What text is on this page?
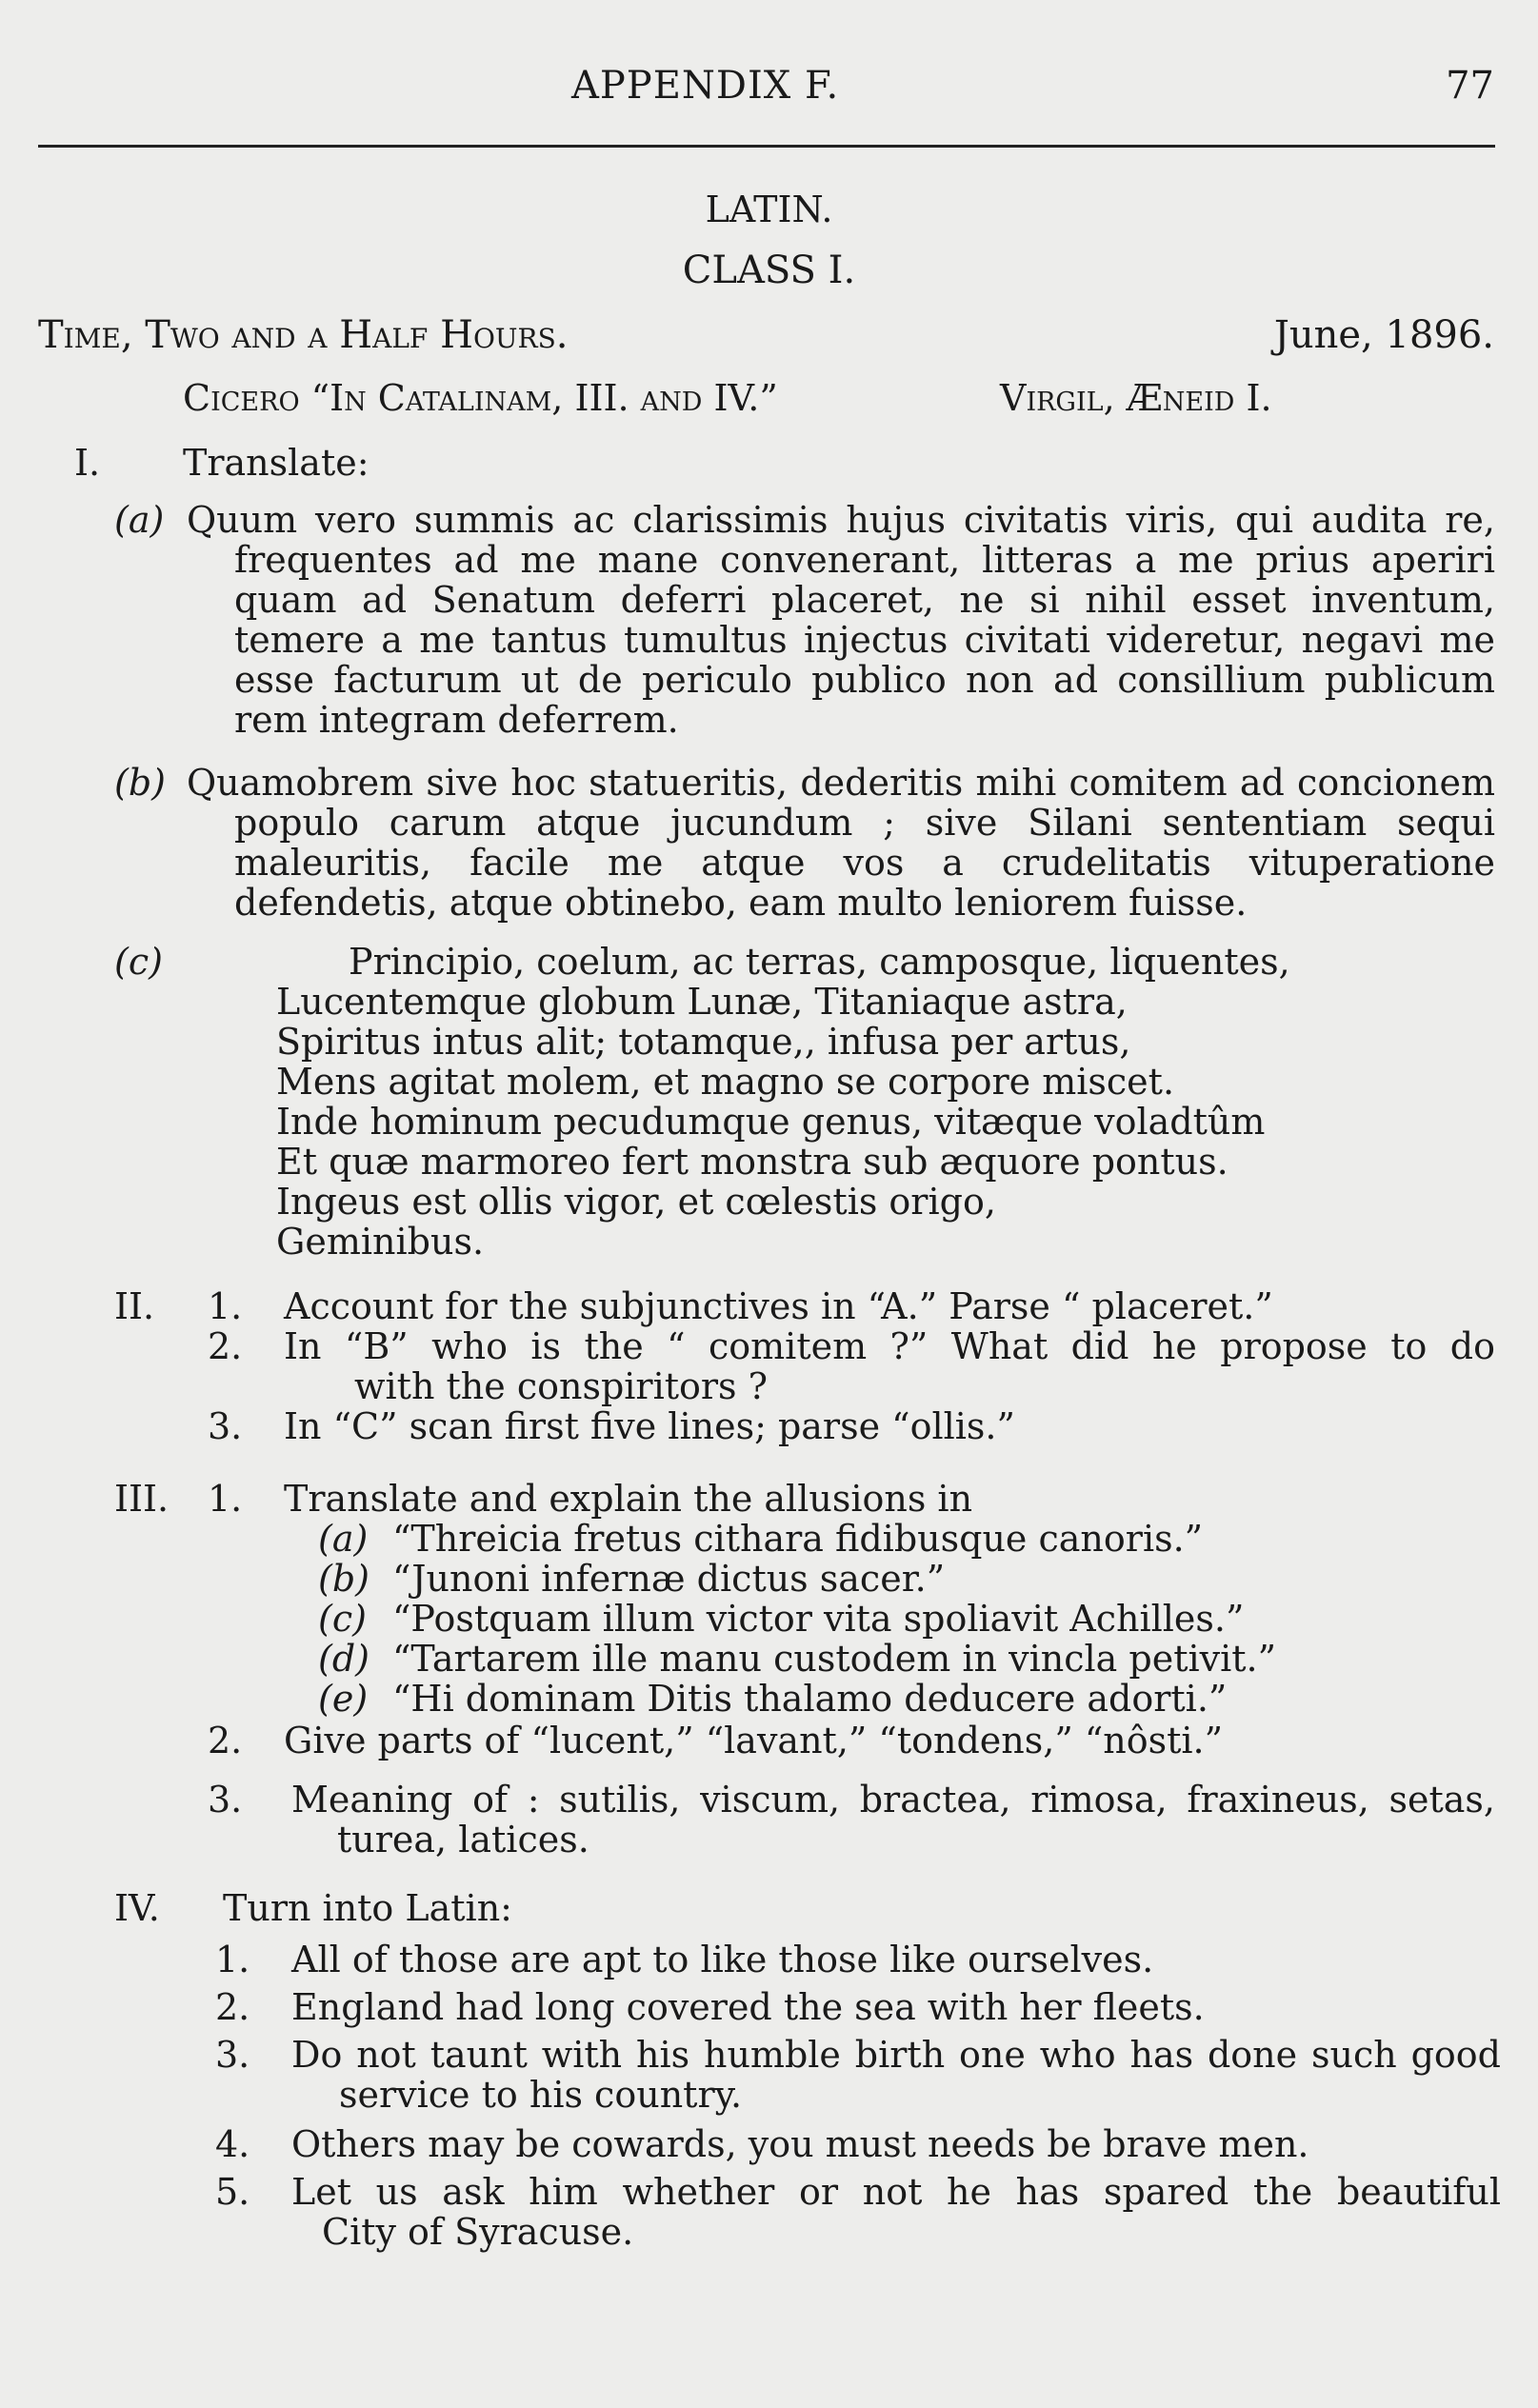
APPENDIX F.	77
LATIN.
CLASS I.
Time, Two and a Half Hours.	June, 1896.
Cicero “In Catalinam, III. and IV.”	Virgil, Æneid I.
I. Translate:
(a) Quum vero summis ac clarissimis hujus civitatis viris, qui audita re,
frequentes ad me mane convenerant, litteras a me prius aperiri
quam ad Senatum deferri placeret, ne si nihil esset inventum,
temere a me tantus tumultus injectus civitati videretur, negavi me
esse facturum ut de periculo publico non ad consillium publicum
rem integram deferrem.
(b) Quamobrem sive hoc statueritis, dederitis mihi comitem ad concionem
populo carum atque jucundum ; sive Silani sententiam sequi
maleuritis, facile me atque vos a crudelitatis vituperatione
defendetis, atque obtinebo, eam multo leniorem fuisse.
(c)	Principio, coelum, ac terras, camposque, liquentes,
Lucentemque globum Lunæ, Titaniaque astra,
Spiritus intus alit; totamque,, infusa per artus,
Mens agitat molem, et magno se corpore miscet.
Inde hominum pecudumque genus, vitæque voladtûm
Et quæ marmoreo fert monstra sub æquore pontus.
Ingeus est ollis vigor, et cœlestis origo,
Geminibus.
II. 1. Account for the subjunctives in “A.” Parse “ placeret.”
2. In “B” who is the “ comitem ?” What did he propose to do
with the conspiritors ?
3. In “C” scan first five lines; parse “ollis.”
III. 1. Translate and explain the allusions in
(a) “Threicia fretus cithara fidibusque canoris.”
(b) “Junoni infernæ dictus sacer.”
(c) “Postquam illum victor vita spoliavit Achilles.”
(d) “Tartarem ille manu custodem in vincla petivit.”
(e) “Hi dominam Ditis thalamo deducere adorti.”
2. Give parts of “lucent,” “lavant,” “tondens,” “nôsti.”
3. Meaning of : sutilis, viscum, bractea, rimosa, fraxineus, setas,
turea, latices.
IV. Turn into Latin:
1. All of those are apt to like those like ourselves.
2. England had long covered the sea with her fleets.
3. Do not taunt with his humble birth one who has done such good
service to his country.
4. Others may be cowards, you must needs be brave men.
5. Let us ask him whether or not he has spared the beautiful
City of Syracuse.
